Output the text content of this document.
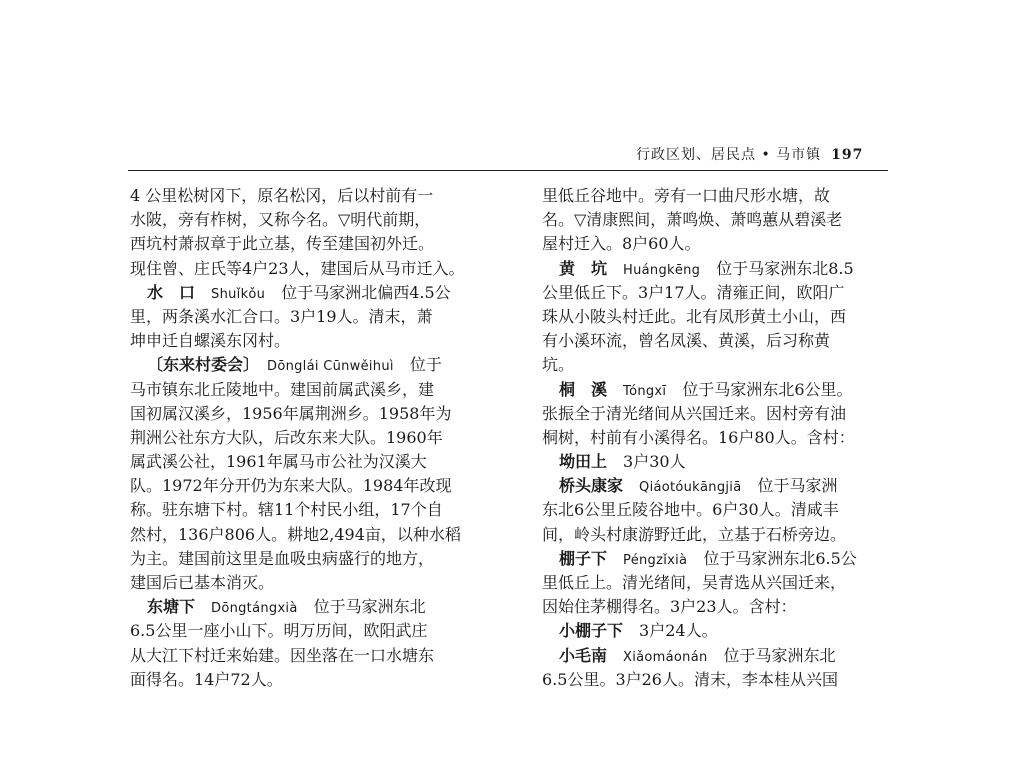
行政区划、居民点 • 马市镇 197
4 公里松树冈下，原名松冈，后以村前有一
水陂，旁有柞树，又称今名。▽明代前期，
西坑村萧叔章于此立基，传至建国初外迁。
现住曾、庄氏等4户23人，建国后从马市迁入。
水　口　 Shuǐkǒu　 位于马家洲北偏西4.5公
里，两条溪水汇合口。3户19人。清末，萧
坤申迁自螺溪东冈村。
〔东来村委会〕　 Dōnglái Cūnwěihuì　 位于
马市镇东北丘陵地中。建国前属武溪乡，建
国初属汉溪乡，1956年属荆洲乡。1958年为
荆洲公社东方大队，后改东来大队。1960年
属武溪公社，1961年属马市公社为汉溪大
队。1972年分开仍为东来大队。1984年改现
称。驻东塘下村。辖11个村民小组，17个自
然村，136户806人。耕地2,494亩，以种水稻
为主。建国前这里是血吸虫病盛行的地方，
建国后已基本消灭。
东塘下　 Dōngtángxià　 位于马家洲东北
6.5公里一座小山下。明万历间，欧阳武庄
从大江下村迁来始建。因坐落在一口水塘东
面得名。14户72人。
里低丘谷地中。旁有一口曲尺形水塘，故
名。▽清康熙间，萧鸣焕、萧鸣蕙从碧溪老
屋村迁入。8户60人。
黄　坑　 Huángkēng　 位于马家洲东北8.5
公里低丘下。3户17人。清雍正间，欧阳广
珠从小陂头村迁此。北有凤形黄土小山，西
有小溪环流，曾名凤溪、黄溪，后习称黄
坑。
桐　溪　 Tóngxī　 位于马家洲东北6公里。
张振全于清光绪间从兴国迁来。因村旁有油
桐树，村前有小溪得名。16户80人。含村：
坳田上　 3户30人
桥头康家　 Qiáotóukāngjiā　 位于马家洲
东北6公里丘陵谷地中。6户30人。清咸丰
间，岭头村康游野迁此，立基于石桥旁边。
棚子下　 Péngzǐxià　 位于马家洲东北6.5公
里低丘上。清光绪间，吴青选从兴国迁来，
因始住茅棚得名。3户23人。含村：
小棚子下　 3户24人。
小毛南　 Xiǎomáonán　 位于马家洲东北
6.5公里。3户26人。清末，李本桂从兴国
